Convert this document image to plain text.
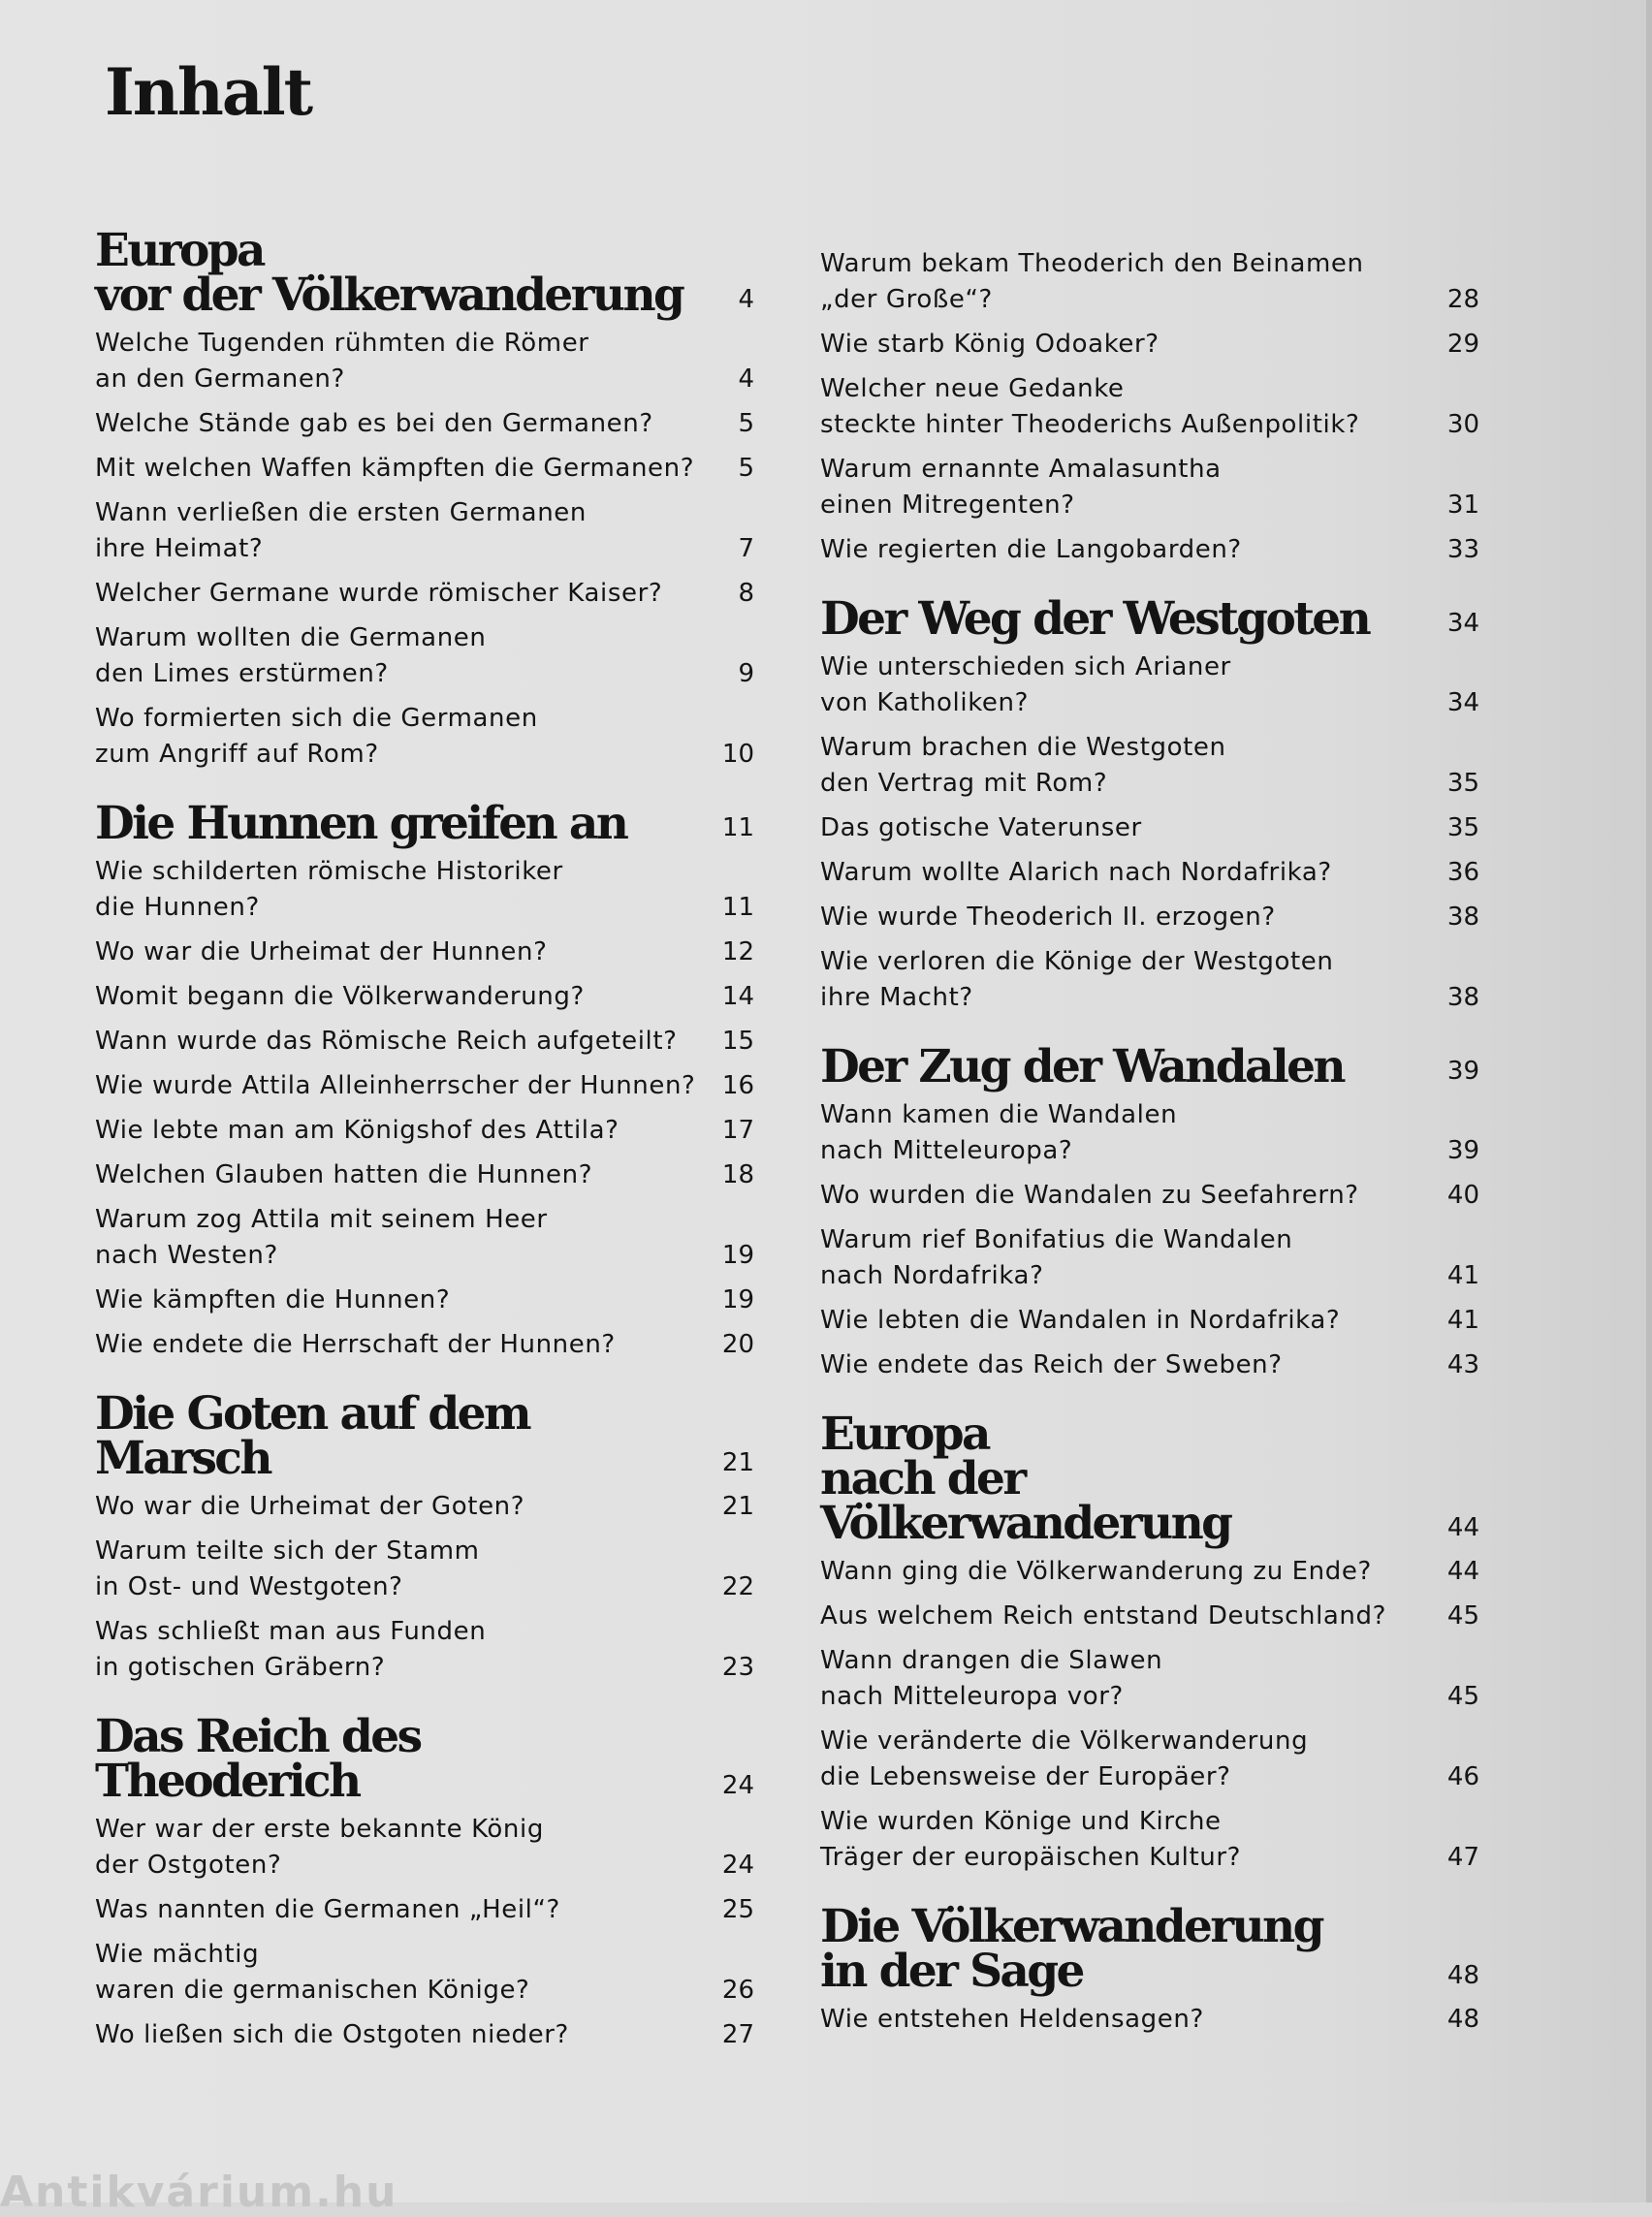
Inhalt
Europa
vor der Völkerwanderung	4
Welche Tugenden rühmten die Römer
an den Germanen?	4
Welche Stände gab es bei den Germanen?	5
Mit welchen Waffen kämpften die Germanen?	5
Wann verließen die ersten Germanen
ihre Heimat?	7
Welcher Germane wurde römischer Kaiser?	8
Warum wollten die Germanen
den Limes erstürmen?	9
Wo formierten sich die Germanen
zum Angriff auf Rom?	10
Die Hunnen greifen an	11
Wie schilderten römische Historiker
die Hunnen?	11
Wo war die Urheimat der Hunnen?	12
Womit begann die Völkerwanderung?	14
Wann wurde das Römische Reich aufgeteilt?	15
Wie wurde Attila Alleinherrscher der Hunnen?	16
Wie lebte man am Königshof des Attila?	17
Welchen Glauben hatten die Hunnen?	18
Warum zog Attila mit seinem Heer
nach Westen?	19
Wie kämpften die Hunnen?	19
Wie endete die Herrschaft der Hunnen?	20
Die Goten auf dem Marsch	21
Wo war die Urheimat der Goten?	21
Warum teilte sich der Stamm
in Ost- und Westgoten?	22
Was schließt man aus Funden
in gotischen Gräbern?	23
Das Reich des Theoderich	24
Wer war der erste bekannte König
der Ostgoten?	24
Was nannten die Germanen „Heil“?	25
Wie mächtig
waren die germanischen Könige?	26
Wo ließen sich die Ostgoten nieder?	27
Warum bekam Theoderich den Beinamen
„der Große“?	28
Wie starb König Odoaker?	29
Welcher neue Gedanke
steckte hinter Theoderichs Außenpolitik?	30
Warum ernannte Amalasuntha
einen Mitregenten?	31
Wie regierten die Langobarden?	33
Der Weg der Westgoten	34
Wie unterschieden sich Arianer
von Katholiken?	34
Warum brachen die Westgoten
den Vertrag mit Rom?	35
Das gotische Vaterunser	35
Warum wollte Alarich nach Nordafrika?	36
Wie wurde Theoderich II. erzogen?	38
Wie verloren die Könige der Westgoten
ihre Macht?	38
Der Zug der Wandalen	39
Wann kamen die Wandalen
nach Mitteleuropa?	39
Wo wurden die Wandalen zu Seefahrern?	40
Warum rief Bonifatius die Wandalen
nach Nordafrika?	41
Wie lebten die Wandalen in Nordafrika?	41
Wie endete das Reich der Sweben?	43
Europa
nach der Völkerwanderung	44
Wann ging die Völkerwanderung zu Ende?	44
Aus welchem Reich entstand Deutschland?	45
Wann drangen die Slawen
nach Mitteleuropa vor?	45
Wie veränderte die Völkerwanderung
die Lebensweise der Europäer?	46
Wie wurden Könige und Kirche
Träger der europäischen Kultur?	47
Die Völkerwanderung
in der Sage	48
Wie entstehen Heldensagen?	48
Antikvárium.hu
